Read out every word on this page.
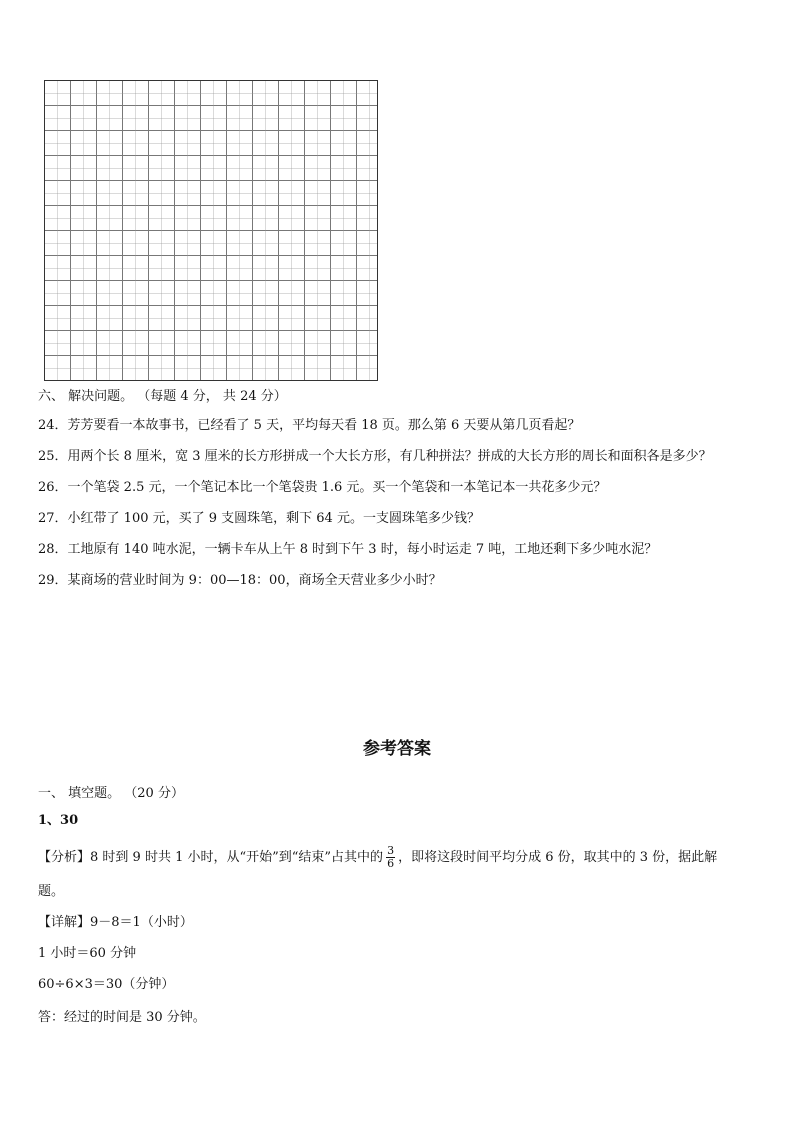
六、 解决问题。 （每题 4 分， 共 24 分）
24．芳芳要看一本故事书，已经看了 5 天，平均每天看 18 页。那么第 6 天要从第几页看起？
25．用两个长 8 厘米，宽 3 厘米的长方形拼成一个大长方形，有几种拼法？拼成的大长方形的周长和面积各是多少？
26．一个笔袋 2.5 元，一个笔记本比一个笔袋贵 1.6 元。买一个笔袋和一本笔记本一共花多少元？
27．小红带了 100 元，买了 9 支圆珠笔，剩下 64 元。一支圆珠笔多少钱？
28．工地原有 140 吨水泥，一辆卡车从上午 8 时到下午 3 时，每小时运走 7 吨，工地还剩下多少吨水泥？
29．某商场的营业时间为 9：00—18：00，商场全天营业多少小时？
参考答案
一、 填空题。 （20 分）
1、30
【分析】8 时到 9 时共 1 小时，从“开始”到“结束”占其中的 $\frac{3}{6}$ ，即将这段时间平均分成 6 份，取其中的 3 份，据此解
题。
【详解】9－8＝1（小时）
1 小时＝60 分钟
60÷6×3＝30（分钟）
答：经过的时间是 30 分钟。
